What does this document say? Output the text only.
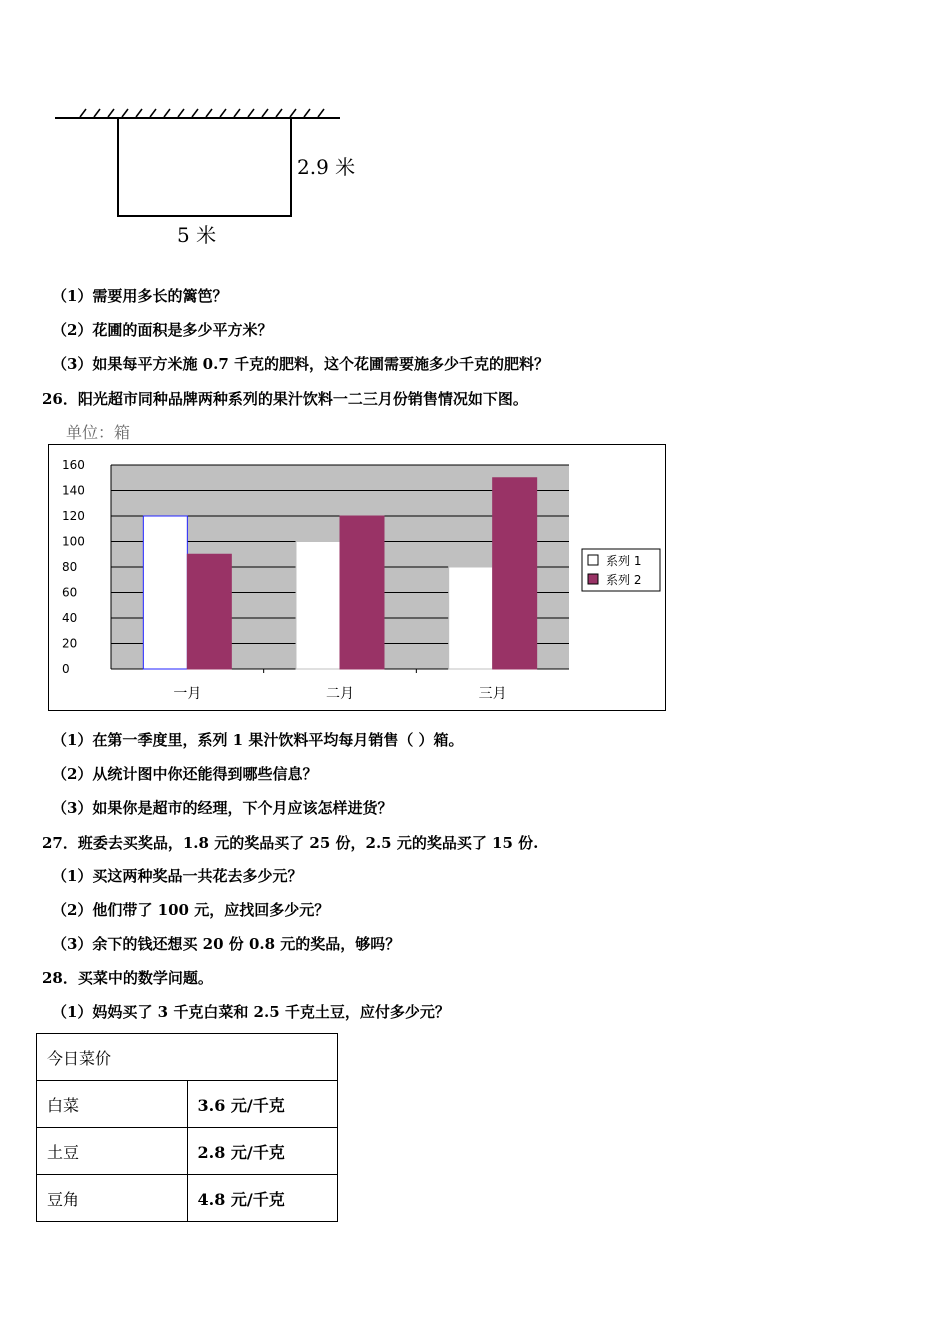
2.9 米
5 米
（1）需要用多长的篱笆？
（2）花圃的面积是多少平方米？
（3）如果每平方米施 0.7 千克的肥料，这个花圃需要施多少千克的肥料？
26．阳光超市同种品牌两种系列的果汁饮料一二三月份销售情况如下图。
单位：箱
0
20
40
60
80
100
120
140
160
一月	二月	三月
系列 1
系列 2
（1）在第一季度里，系列 1 果汁饮料平均每月销售（ ）箱。
（2）从统计图中你还能得到哪些信息？
（3）如果你是超市的经理，下个月应该怎样进货？
27．班委去买奖品，1.8 元的奖品买了 25 份，2.5 元的奖品买了 15 份.
（1）买这两种奖品一共花去多少元？
（2）他们带了 100 元，应找回多少元？
（3）余下的钱还想买 20 份 0.8 元的奖品，够吗？
28．买菜中的数学问题。
（1）妈妈买了 3 千克白菜和 2.5 千克土豆，应付多少元？
今日菜价	
白菜	3.6 元/千克
土豆	2.8 元/千克
豆角	4.8 元/千克
